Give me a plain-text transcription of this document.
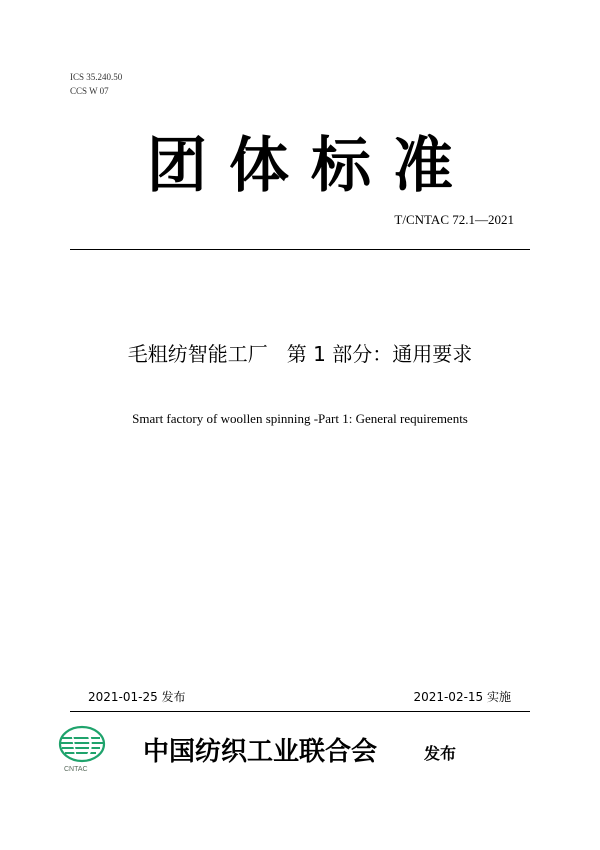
ICS 35.240.50
CCS W 07
团体标准
T/CNTAC 72.1—2021
毛粗纺智能工厂   第 1 部分：通用要求
Smart factory of woollen spinning -Part 1: General requirements
2021-01-25 发布	2021-02-15 实施
CNTAC
中国纺织工业联合会	发布
